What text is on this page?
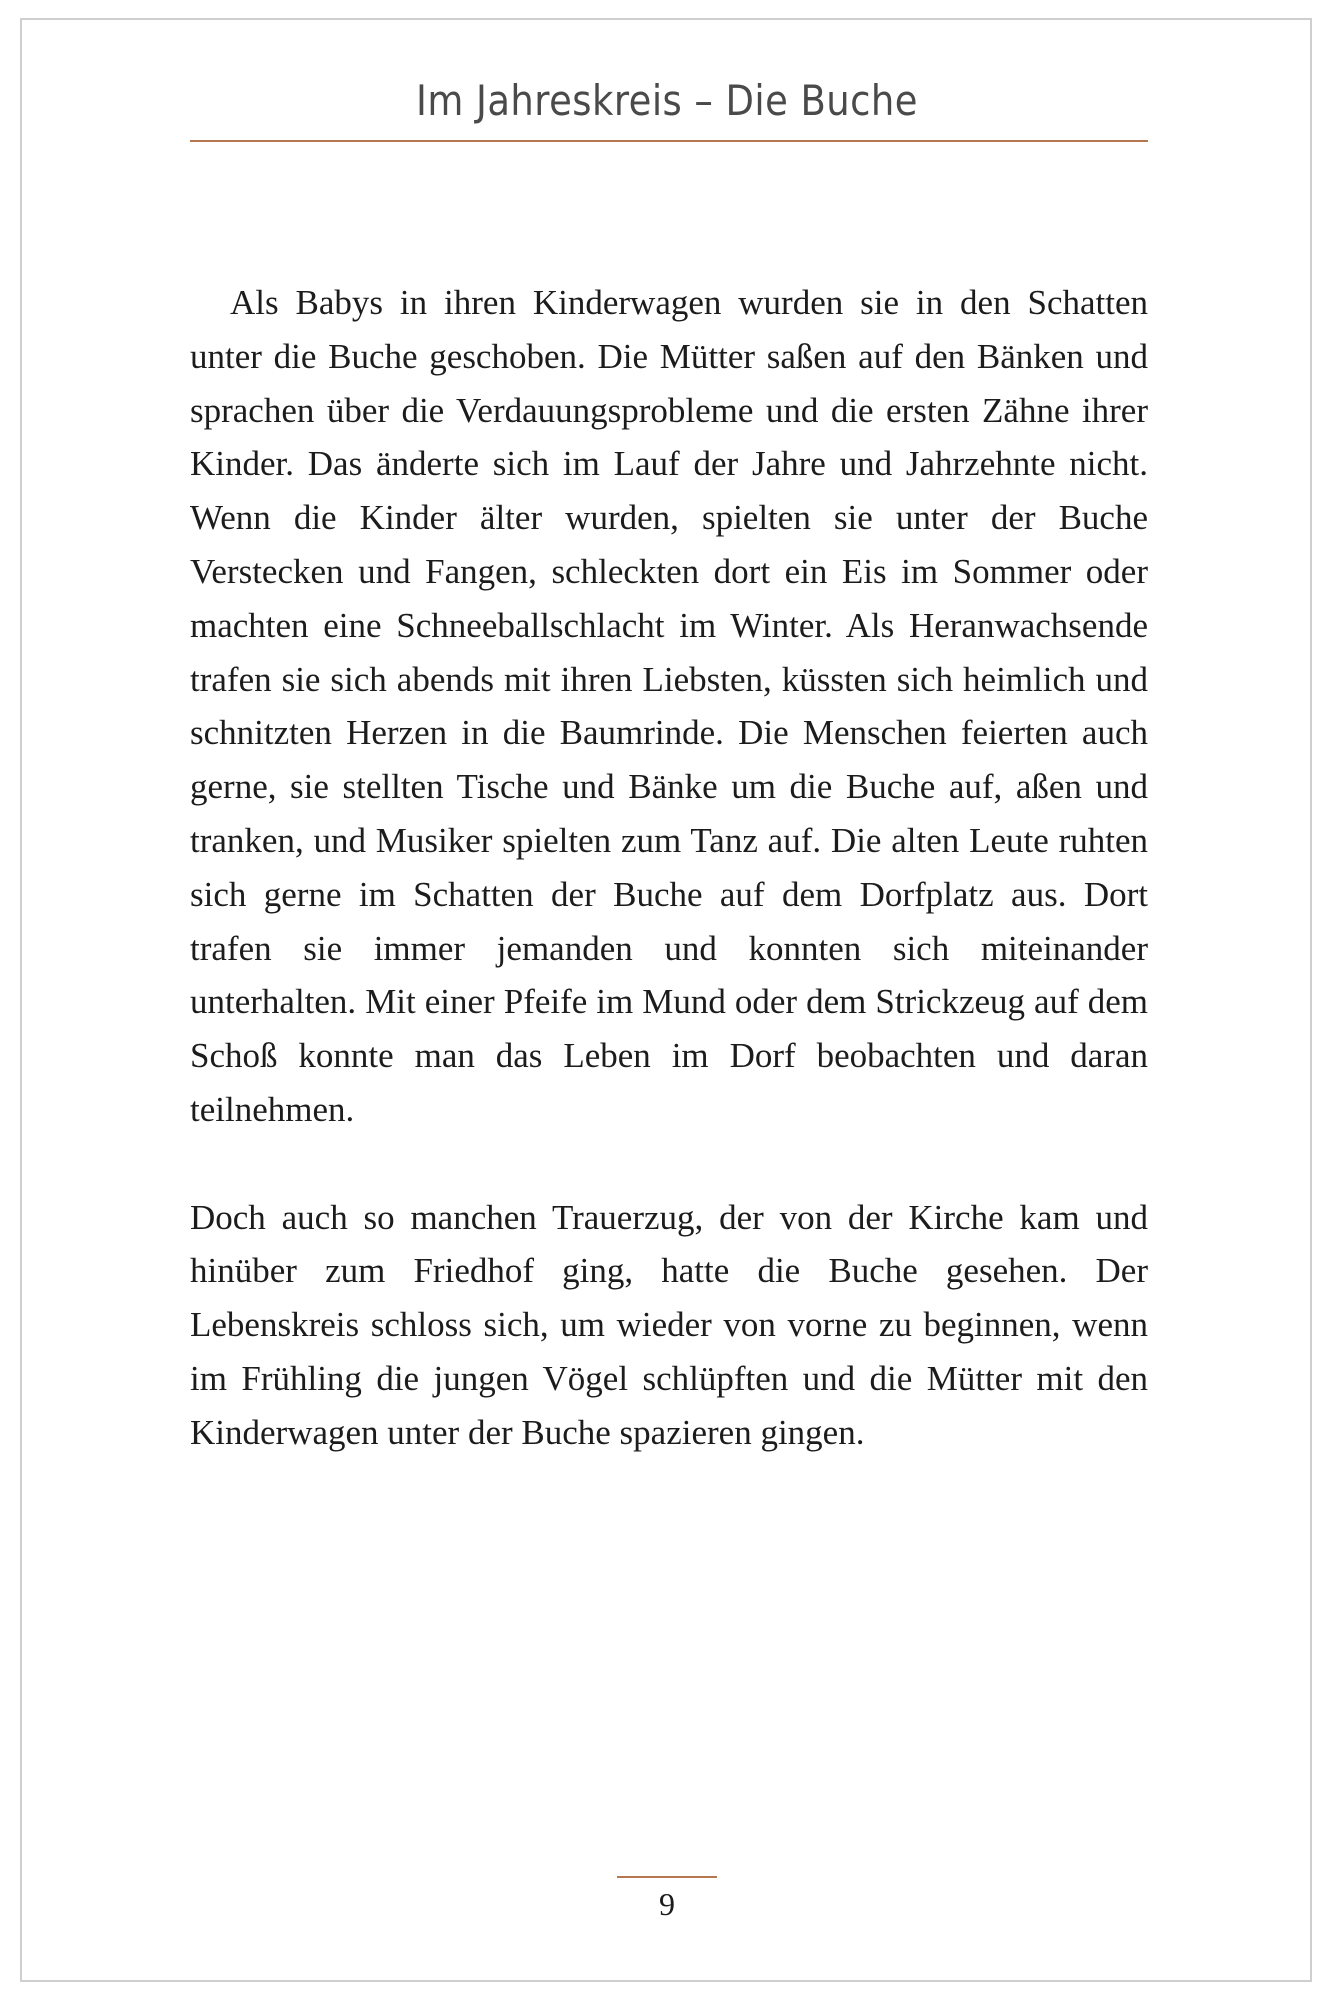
Im Jahreskreis – Die Buche

Als Babys in ihren Kinderwagen wurden sie in den Schatten unter die Buche geschoben. Die Mütter saßen auf den Bänken und sprachen über die Verdauungsprobleme und die ersten Zähne ihrer Kinder. Das änderte sich im Lauf der Jahre und Jahrzehnte nicht. Wenn die Kinder älter wurden, spielten sie unter der Buche Verstecken und Fangen, schleckten dort ein Eis im Sommer oder machten eine Schneeballschlacht im Winter. Als Heranwachsende trafen sie sich abends mit ihren Liebsten, küssten sich heimlich und schnitzten Herzen in die Baumrinde. Die Menschen feierten auch gerne, sie stellten Tische und Bänke um die Buche auf, aßen und tranken, und Musiker spielten zum Tanz auf. Die alten Leute ruhten sich gerne im Schatten der Buche auf dem Dorfplatz aus. Dort trafen sie immer jemanden und konnten sich miteinander unterhalten. Mit einer Pfeife im Mund oder dem Strickzeug auf dem Schoß konnte man das Leben im Dorf beobachten und daran teilnehmen.

Doch auch so manchen Trauerzug, der von der Kirche kam und hinüber zum Friedhof ging, hatte die Buche gesehen. Der Lebenskreis schloss sich, um wieder von vorne zu beginnen, wenn im Frühling die jungen Vögel schlüpften und die Mütter mit den Kinderwagen unter der Buche spazieren gingen.

9
